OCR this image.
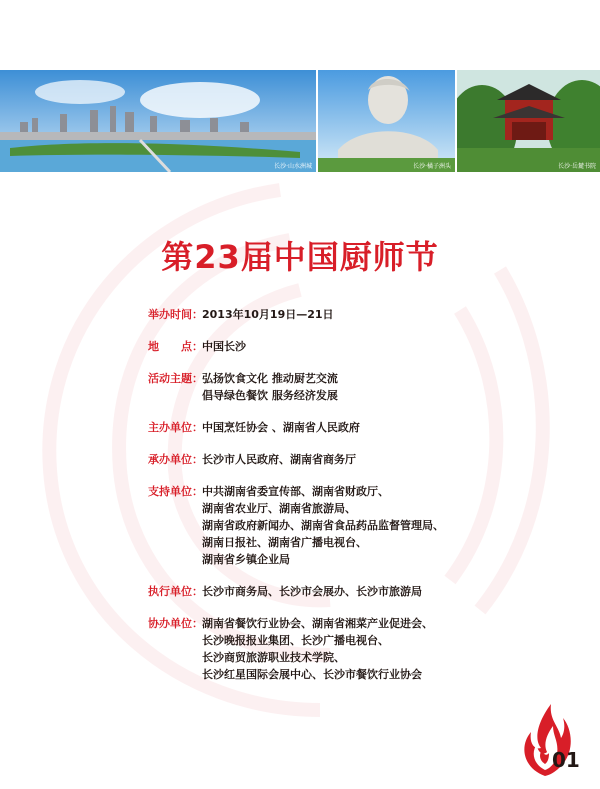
长沙·山水洲城	长沙·橘子洲头	长沙·岳麓书院
第23届中国厨师节
举办时间 ： 2013年10月19日—21日
地　　点 ： 中国长沙
活动主题 ： 弘扬饮食文化 推动厨艺交流
倡导绿色餐饮 服务经济发展
主办单位 ： 中国烹饪协会 、湖南省人民政府
承办单位 ： 长沙市人民政府、湖南省商务厅
支持单位 ： 中共湖南省委宣传部、湖南省财政厅、
湖南省农业厅、湖南省旅游局、
湖南省政府新闻办、湖南省食品药品监督管理局、
湖南日报社、湖南省广播电视台、
湖南省乡镇企业局
执行单位 ： 长沙市商务局、长沙市会展办、长沙市旅游局
协办单位 ： 湖南省餐饮行业协会、湖南省湘菜产业促进会、
长沙晚报报业集团、长沙广播电视台、
长沙商贸旅游职业技术学院、
长沙红星国际会展中心、长沙市餐饮行业协会
01
